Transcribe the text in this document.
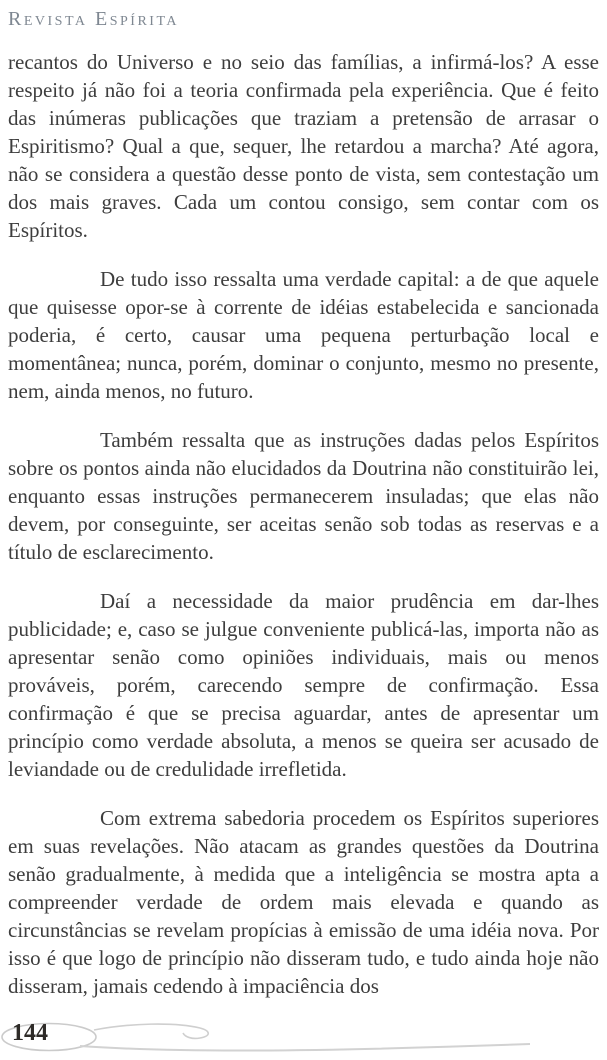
Revista Espírita

recantos do Universo e no seio das famílias, a infirmá-los? A esse respeito já não foi a teoria confirmada pela experiência. Que é feito das inúmeras publicações que traziam a pretensão de arrasar o Espiritismo? Qual a que, sequer, lhe retardou a marcha? Até agora, não se considera a questão desse ponto de vista, sem contestação um dos mais graves. Cada um contou consigo, sem contar com os Espíritos.

De tudo isso ressalta uma verdade capital: a de que aquele que quisesse opor-se à corrente de idéias estabelecida e sancionada poderia, é certo, causar uma pequena perturbação local e momentânea; nunca, porém, dominar o conjunto, mesmo no presente, nem, ainda menos, no futuro.

Também ressalta que as instruções dadas pelos Espíritos sobre os pontos ainda não elucidados da Doutrina não constituirão lei, enquanto essas instruções permanecerem insuladas; que elas não devem, por conseguinte, ser aceitas senão sob todas as reservas e a título de esclarecimento.

Daí a necessidade da maior prudência em dar-lhes publicidade; e, caso se julgue conveniente publicá-las, importa não as apresentar senão como opiniões individuais, mais ou menos prováveis, porém, carecendo sempre de confirmação. Essa confirmação é que se precisa aguardar, antes de apresentar um princípio como verdade absoluta, a menos se queira ser acusado de leviandade ou de credulidade irrefletida.

Com extrema sabedoria procedem os Espíritos superiores em suas revelações. Não atacam as grandes questões da Doutrina senão gradualmente, à medida que a inteligência se mostra apta a compreender verdade de ordem mais elevada e quando as circunstâncias se revelam propícias à emissão de uma idéia nova. Por isso é que logo de princípio não disseram tudo, e tudo ainda hoje não disseram, jamais cedendo à impaciência dos

144
